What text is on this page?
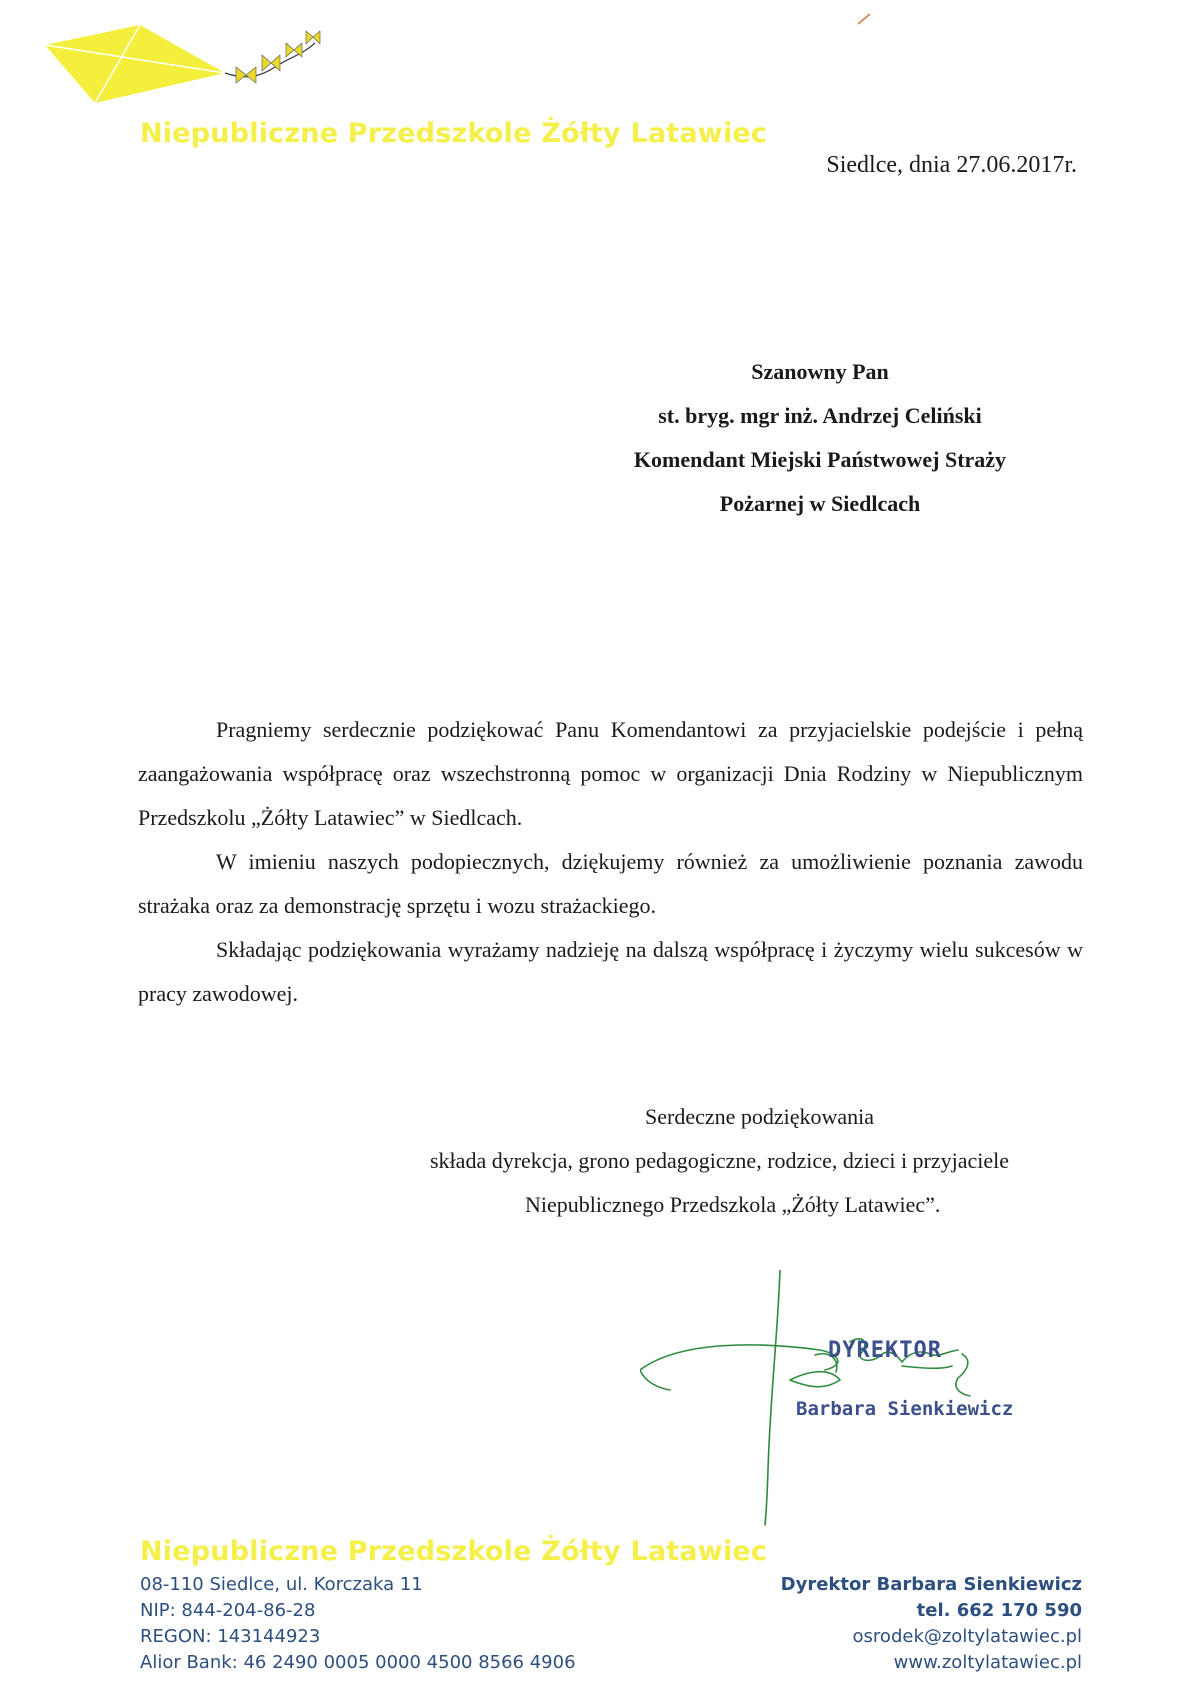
Niepubliczne Przedszkole Żółty Latawiec
Siedlce, dnia 27.06.2017r.
Szanowny Pan
st. bryg. mgr inż. Andrzej Celiński
Komendant Miejski Państwowej Straży
Pożarnej w Siedlcach

Pragniemy serdecznie podziękować Panu Komendantowi za przyjacielskie podejście i pełną zaangażowania współpracę oraz wszechstronną pomoc w organizacji Dnia Rodziny w Niepublicznym Przedszkolu „Żółty Latawiec” w Siedlcach.

W imieniu naszych podopiecznych, dziękujemy również za umożliwienie poznania zawodu strażaka oraz za demonstrację sprzętu i wozu strażackiego.

Składając podziękowania wyrażamy nadzieję na dalszą współpracę i życzymy wielu sukcesów w pracy zawodowej.

Serdeczne podziękowania
składa dyrekcja, grono pedagogiczne, rodzice, dzieci i przyjaciele
Niepublicznego Przedszkola „Żółty Latawiec”.
DYREKTOR
Barbara Sienkiewicz
Niepubliczne Przedszkole Żółty Latawiec
08-110 Siedlce, ul. Korczaka 11
NIP: 844-204-86-28
REGON: 143144923
Alior Bank: 46 2490 0005 0000 4500 8566 4906
Dyrektor Barbara Sienkiewicz
tel. 662 170 590
osrodek@zoltylatawiec.pl
www.zoltylatawiec.pl
